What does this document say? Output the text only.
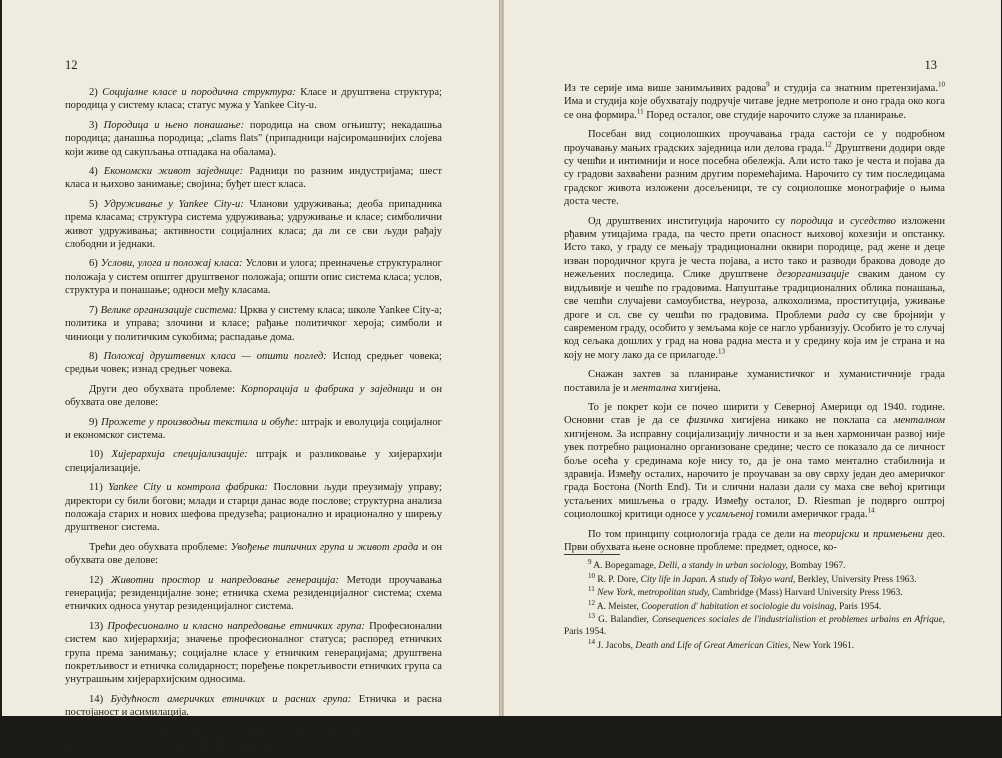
12

2) Социјалне класе и породична структура: Класе и друштвена структура; породица у систему класа; статус мужа у Yankee City-u.

3) Породица и њено понашање: породица на свом огњишту; некадашња породица; данашња породица; „clams flats" (припадници најсиромашнијих слојева који живе од сакупљања отпадака на обалама).

4) Економски живот заједнице: Радници по разним индустријама; шест класа и њихово занимање; својина; буђет шест класа.

5) Удруживање у Yankee City-u: Чланови удруживања; деоба припадника према класама; структура система удруживања; удруживање и класе; симболични живот удруживања; активности социјалних класа; да ли се сви људи рађају слободни и једнаки.

6) Услови, улога и положај класа: Услови и улога; преиначење структуралног положаја у систем општег друштвеног положаја; општи опис система класа; услов, структура и понашање; односи међу класама.

7) Велике организације система: Црква у систему класа; школе Yankee City-a; политика и управа; злочини и класе; рађање политичког херојa; симболи и чиниоци у политичким сукобима; распадање дома.

8) Положај друштвених класа — општи поглед: Испод средњег човека; средњи човек; изнад средњег човека.

Други део обухвата проблеме: Корпорација и фабрика у заједници и он обухвата ове делове:

9) Прожете у производњи текстила и обуће: штрајк и еволуција социјалног и економског система.

10) Хијерархија специјализације: штрајк и разликовање у хијерархији специјализације.

11) Yankee City и контрола фабрика: Пословни људи преузимају управу; директори су били богови; млади и старци данас воде послове; структурна анализа положаја старих и нових шефова предузећа; рационално и ирационално у ширењу друштвеног система.

Трећи део обухвата проблеме: Увођење типичних група и живот града и он обухвата ове делове:

12) Животни простор и напредовање генерација: Методи проучавања генерација; резиденцијалне зоне; етничка схема резиденцијалног система; схема етничких односа унутар резиденцијалног система.

13) Професионално и класно напредовање етничких група: Професионални систем као хијерархија; значење професионалног статуса; распоред етничких група према занимању; социјалне класе у етничким генерацијама; друштвена покретљивост и етничка солидарност; поређење покретљивости етничких група са унутрашњим хијерархијским односима.

14) Будућност америчких етничких и расних група: Етничка и расна постојаност и асимилација.

Напори америчких социолога у проучавању друштва средњих градова послужили су као углед социолозима и неких других земаља.

13

Из те серије има више занимљивих радова$^9$ и студија са знатним претензијама.$^{10}$ Има и студија које обухватају подручје читаве једне метрополе и оно града око кога се она формира.$^{11}$ Поред осталог, ове студије нарочито служе за планирање.

Посебан вид социолошких проучавања града састоји се у подробном проучавању мањих градских заједница или делова града.$^{12}$ Друштвени додири овде су чешћи и интимнији и носе посебна обележја. Али исто тако је честа и појава да су градови захваћени разним другим поремећајима. Нарочито су тим последицама градског живота изложени досељеници, те су социолошке монографије о њима доста честе.

Од друштвених институција нарочито су породица и суседство изложени рђавим утицајима града, па често прети опасност њиховој кохезији и опстанку. Исто тако, у граду се мењају традиционални оквири породице, рад жене и деце изван породичног круга је честа појава, а исто тако и разводи бракова доводе до нежељених последица. Слике друштвене дезорганизације сваким даном су видљивије и чешће по градовима. Напуштање традиционалних облика понашања, све чешћи случајеви самоубиства, неуроза, алкохолизма, проституција, уживање дроге и сл. све су чешћи по градовима. Проблеми рада су све бројнији у савременом граду, особито у земљама које се нагло урбанизују. Особито је то случај код сељака дошлих у град на нова радна места и у средину која им је страна и на коју не могу лако да се прилагоде.$^{13}$

Снажан захтев за планирање хуманистичког и хуманистичније града поставила је и ментална хигијена.

То је покрет који се почео ширити у Северној Америци од 1940. године. Основни став је да се физичка хигијена никако не поклапа са менталном хигијеном. За исправну социјализацију личности и за њен хармоничан развој није увек потребно рационално организоване средине; често се показало да се личност боље осећа у срединама које нису то, да је она тамо ментално стабилнија и здравија. Између осталих, нарочито је проучаван за ову сврху један део америчког града Бостона (North End). Ти и слични налази дали су маха све већој критици устаљених мишљења о граду. Између осталог, D. Riesman је подврго оштрој социолошкој критици односе у усамљеној гомили америчког града.$^{14}$

По том принципу социологија града се дели на теоријски и примењени део. Први обухвата њене основне проблеме: предмет, односе, ко-

$^9$ A. Bopegamage, Delli, a standy in urban sociology, Bombay 1967.
$^{10}$ R. P. Dore, City life in Japan. A study of Tokyo ward, Berkley, University Press 1963.
$^{11}$ New York, metropolitan study, Cambridge (Mass) Harvard University Press 1963.
$^{12}$ A. Meister, Cooperation d' habitation et sociologie du voisinag, Paris 1954.
$^{13}$ G. Balandier, Consequences sociales de l'industrialistion et problemes urbains en Afrique, Paris 1954.
$^{14}$ J. Jacobs, Death and Life of Great American Cities, New York 1961.
